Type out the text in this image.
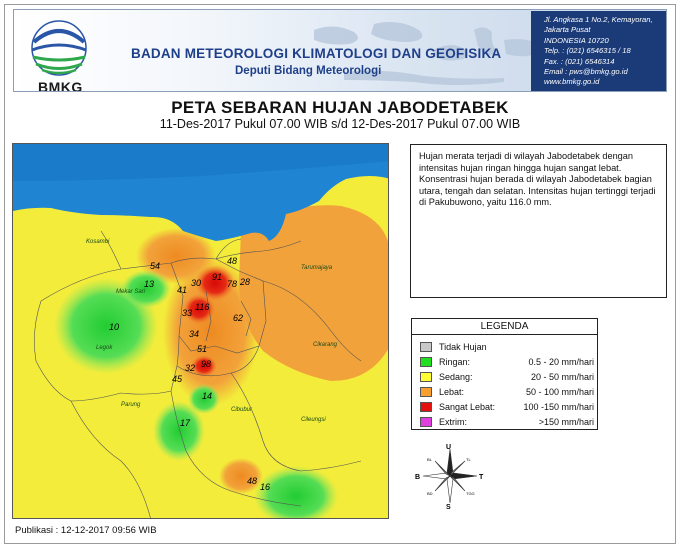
BMKG
BADAN METEOROLOGI KLIMATOLOGI DAN GEOFISIKA
Deputi Bidang Meteorologi
Jl. Angkasa 1 No.2, Kemayoran,
Jakarta Pusat
INDONESIA 10720
Telp. : (021) 6546315 / 18
Fax. : (021) 6546314
Email : pws@bmkg.go.id
www.bmkg.go.id
PETA SEBARAN HUJAN JABODETABEK
11-Des-2017 Pukul 07.00 WIB s/d 12-Des-2017 Pukul 07.00 WIB
Kosambi
Mekar Sari
Tarumajaya
Legok	Cikarang
Cibubur
Parung
Cileungsi
54	48
91
30	78 28
41
13
116
33	62
10
34
51
98
32
45
14
17
48
16
Hujan merata terjadi di wilayah Jabodetabek dengan intensitas hujan ringan hingga hujan sangat lebat. Konsentrasi hujan berada di wilayah Jabodetabek bagian utara, tengah dan selatan. Intensitas hujan tertinggi terjadi di Pakubuwono, yaitu 116.0 mm.
LEGENDA
Tidak Hujan
Ringan:	0.5 - 20 mm/hari
Sedang:	20 - 50 mm/hari
Lebat:	50 - 100 mm/hari
Sangat Lebat:	100 -150 mm/hari
Extrim:	>150 mm/hari
U
S
B	T
BL	TL
BD	TGG
Publikasi : 12-12-2017 09:56 WIB
